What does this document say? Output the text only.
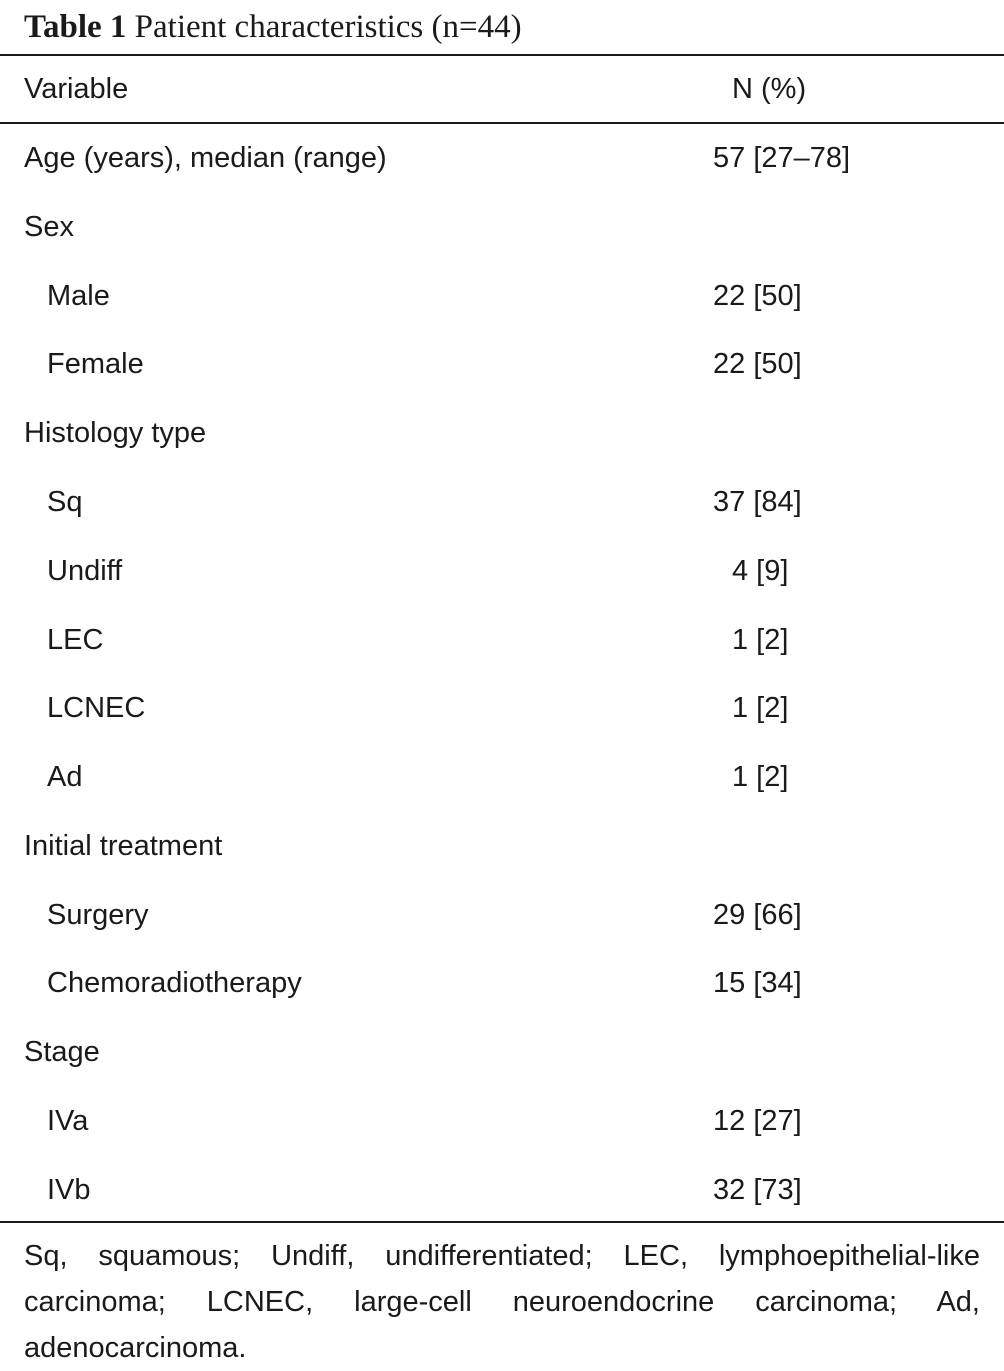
Table 1 Patient characteristics (n=44)
Variable	N (%)
Age (years), median (range)	57 [27–78]
Sex
Male	22 [50]
Female	22 [50]
Histology type
Sq	37 [84]
Undiff	4 [9]
LEC	1 [2]
LCNEC	1 [2]
Ad	1 [2]
Initial treatment
Surgery	29 [66]
Chemoradiotherapy	15 [34]
Stage
IVa	12 [27]
IVb	32 [73]
Sq, squamous; Undiff, undifferentiated; LEC, lymphoepithelial-like carcinoma; LCNEC, large-cell neuroendocrine carcinoma; Ad, adenocarcinoma.
